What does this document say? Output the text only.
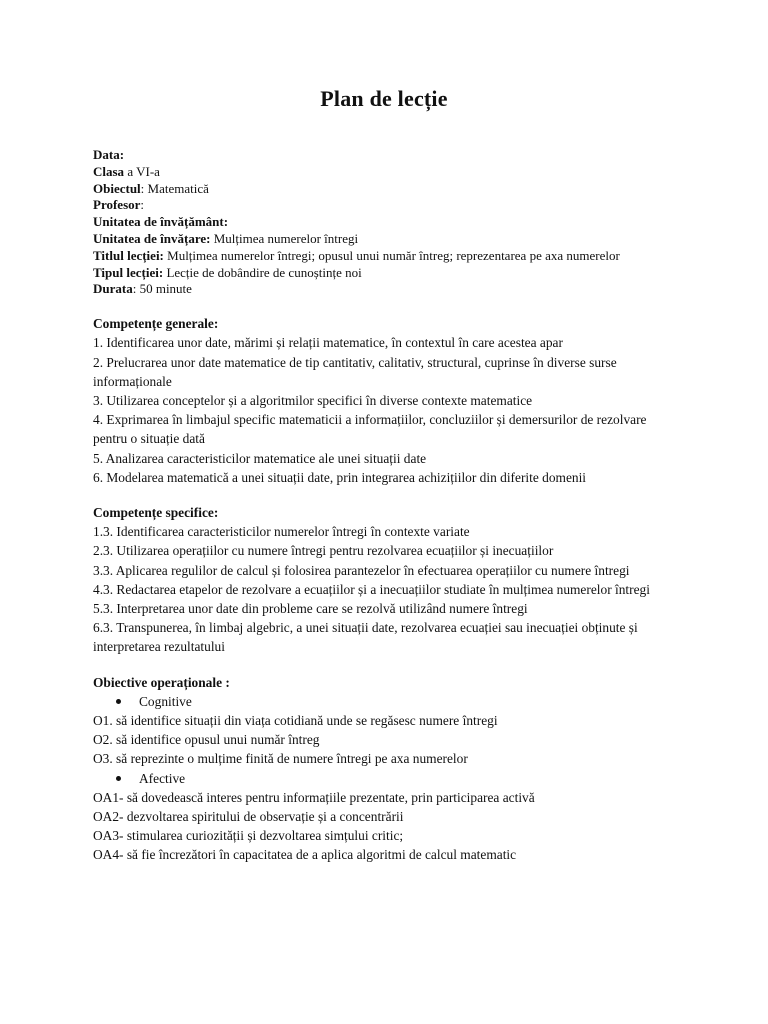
Plan de lecție
Data:
Clasa a VI-a
Obiectul: Matematică
Profesor:
Unitatea de învățământ:
Unitatea de învățare: Mulțimea numerelor întregi
Titlul lecției: Mulțimea numerelor întregi; opusul unui număr întreg; reprezentarea pe axa numerelor
Tipul lecției: Lecție de dobândire de cunoștințe noi
Durata: 50 minute
Competențe generale:
1. Identificarea unor date, mărimi și relații matematice, în contextul în care acestea apar
2. Prelucrarea unor date matematice de tip cantitativ, calitativ, structural, cuprinse în diverse surse informaționale
3. Utilizarea conceptelor și a algoritmilor specifici în diverse contexte matematice
4. Exprimarea în limbajul specific matematicii a informațiilor, concluziilor și demersurilor de rezolvare pentru o situație dată
5. Analizarea caracteristicilor matematice ale unei situații date
6. Modelarea matematică a unei situații date, prin integrarea achizițiilor din diferite domenii
Competențe specifice:
1.3. Identificarea caracteristicilor numerelor întregi în contexte variate
2.3. Utilizarea operațiilor cu numere întregi pentru rezolvarea ecuațiilor și inecuațiilor
3.3. Aplicarea regulilor de calcul și folosirea parantezelor în efectuarea operațiilor cu numere întregi
4.3. Redactarea etapelor de rezolvare a ecuațiilor și a inecuațiilor studiate în mulțimea numerelor întregi
5.3. Interpretarea unor date din probleme care se rezolvă utilizând numere întregi
6.3. Transpunerea, în limbaj algebric, a unei situații date, rezolvarea ecuației sau inecuației obținute și interpretarea rezultatului
Obiective operaționale :
Cognitive
O1. să identifice situații din viața cotidiană unde se regăsesc numere întregi
O2. să identifice opusul unui număr întreg
O3. să reprezinte o mulțime finită de numere întregi pe axa numerelor
Afective
OA1- să dovedească interes pentru informațiile prezentate, prin participarea activă
OA2- dezvoltarea spiritului de observație și a concentrării
OA3- stimularea curiozității și dezvoltarea simțului critic;
OA4- să fie încrezători în capacitatea de a aplica algoritmi de calcul matematic
